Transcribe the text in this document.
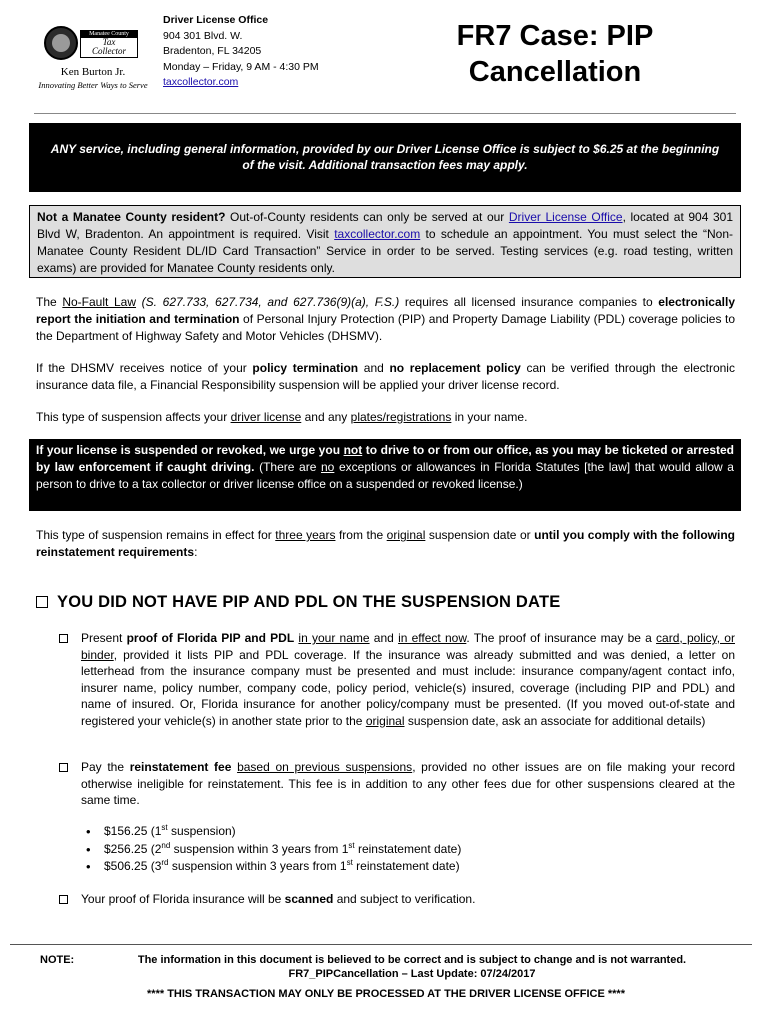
Manatee County
Tax
Collector
Ken Burton Jr.
Innovating Better Ways to Serve
Driver License Office
904 301 Blvd. W.
Bradenton, FL 34205
Monday – Friday, 9 AM - 4:30 PM
taxcollector.com
FR7 Case: PIP
Cancellation
ANY service, including general information, provided by our Driver License Office is subject to $6.25 at the beginning of the visit. Additional transaction fees may apply.
Not a Manatee County resident? Out-of-County residents can only be served at our Driver License Office, located at 904 301 Blvd W, Bradenton. An appointment is required. Visit taxcollector.com to schedule an appointment. You must select the “Non-Manatee County Resident DL/ID Card Transaction” Service in order to be served. Testing services (e.g. road testing, written exams) are provided for Manatee County residents only.
The No-Fault Law (S. 627.733, 627.734, and 627.736(9)(a), F.S.) requires all licensed insurance companies to electronically report the initiation and termination of Personal Injury Protection (PIP) and Property Damage Liability (PDL) coverage policies to the Department of Highway Safety and Motor Vehicles (DHSMV).
If the DHSMV receives notice of your policy termination and no replacement policy can be verified through the electronic insurance data file, a Financial Responsibility suspension will be applied your driver license record.
This type of suspension affects your driver license and any plates/registrations in your name.
If your license is suspended or revoked, we urge you not to drive to or from our office, as you may be ticketed or arrested by law enforcement if caught driving. (There are no exceptions or allowances in Florida Statutes [the law] that would allow a person to drive to a tax collector or driver license office on a suspended or revoked license.)
This type of suspension remains in effect for three years from the original suspension date or until you comply with the following reinstatement requirements:
YOU DID NOT HAVE PIP AND PDL ON THE SUSPENSION DATE
Present proof of Florida PIP and PDL in your name and in effect now. The proof of insurance may be a card, policy, or binder, provided it lists PIP and PDL coverage. If the insurance was already submitted and was denied, a letter on letterhead from the insurance company must be presented and must include: insurance company/agent contact info, insurer name, policy number, company code, policy period, vehicle(s) insured, coverage (including PIP and PDL) and name of insured. Or, Florida insurance for another policy/company must be presented. (If you moved out-of-state and registered your vehicle(s) in another state prior to the original suspension date, ask an associate for additional details)
Pay the reinstatement fee based on previous suspensions, provided no other issues are on file making your record otherwise ineligible for reinstatement. This fee is in addition to any other fees due for other suspensions cleared at the same time.
• $156.25 (1st suspension)
• $256.25 (2nd suspension within 3 years from 1st reinstatement date)
• $506.25 (3rd suspension within 3 years from 1st reinstatement date)
Your proof of Florida insurance will be scanned and subject to verification.
NOTE:	The information in this document is believed to be correct and is subject to change and is not warranted.
FR7_PIPCancellation – Last Update: 07/24/2017
**** THIS TRANSACTION MAY ONLY BE PROCESSED AT THE DRIVER LICENSE OFFICE ****
